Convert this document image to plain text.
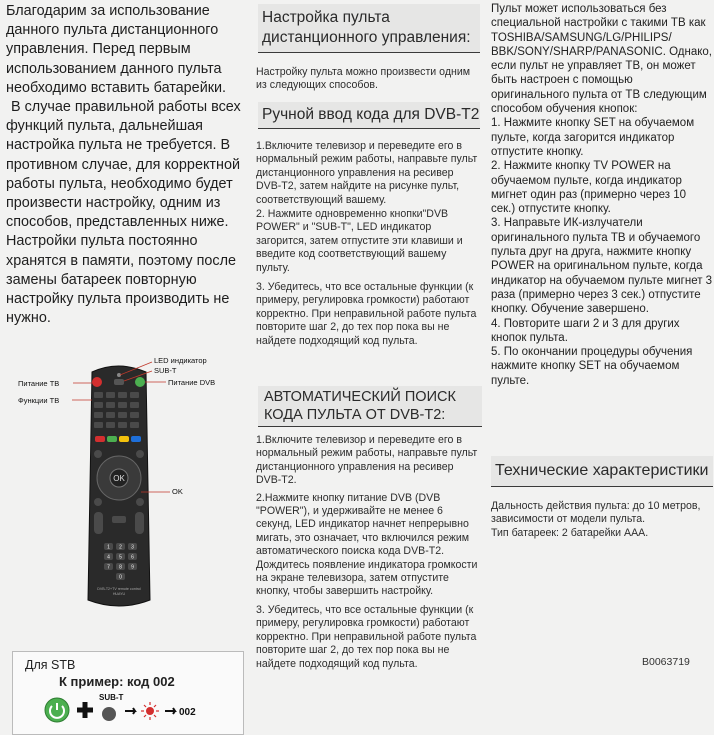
Благодарим за использование данного пульта дистанционного управления. Перед первым использованием данного пульта необходимо вставить батарейки.

В случае правильной работы всех функций пульта, дальнейшая настройка пульта не требуется. В противном случае, для корректной работы пульта, необходимо будет произвести настройку, одним из способов, представленных ниже.

Настройки пульта постоянно хранятся в памяти, поэтому после замены батареек повторную настройку пульта производить не нужно.

OK
1 2 3
4 5 6
7 8 9
0
DVB-T2+TV remote control
HUAYU
LED индикатор
SUB-T
Питание DVB
Питание ТВ
Функции ТВ
OK
Для STB
К пример: код 002
SUB-T
002
Настройка пульта
дистанционного управления:

Настройку пульта можно произвести одним из следующих способов.

Ручной ввод кода для DVB-T2

1.Включите телевизор и переведите его в нормальный режим работы, направьте пульт дистанционного управления на ресивер DVB-T2, затем найдите на рисунке пульт, соответствующий вашему.

2. Нажмите одновременно кнопки"DVB POWER" и "SUB-T", LED индикатор загорится, затем отпустите эти клавиши и введите код соответствующий вашему пульту.

3. Убедитесь, что все остальные функции (к примеру, регулировка громкости) работают корректно. При неправильной работе пульта повторите шаг 2, до тех пор пока вы не найдете подходящий код пульта.

АВТОМАТИЧЕСКИЙ ПОИСК
КОДА ПУЛЬТА ОТ DVB-T2:

1.Включите телевизор и переведите его в нормальный режим работы, направьте пульт дистанционного управления на ресивер DVB-T2.

2.Нажмите кнопку питание DVB (DVB "POWER"), и удерживайте не менее 6 секунд, LED индикатор начнет непрерывно мигать, это означает, что включился режим автоматического поиска кода DVB-T2. Дождитесь появление индикатора громкости на экране телевизора, затем отпустите кнопку, чтобы завершить настройку.

3. Убедитесь, что все остальные функции (к примеру, регулировка громкости) работают корректно. При неправильной работе пульта повторите шаг 2, до тех пор пока вы не найдете подходящий код пульта.

Пульт может использоваться без специальной настройки с такими ТВ как TOSHIBA/SAMSUNG/LG/PHILIPS/ BBK/SONY/SHARP/PANASONIC. Однако, если пульт не управляет ТВ, он может быть настроен с помощью оригинального пульта от ТВ следующим способом обучения кнопок:

1. Нажмите кнопку SET на обучаемом пульте, когда загорится индикатор отпустите кнопку.

2. Нажмите кнопку TV POWER на обучаемом пульте, когда индикатор мигнет один раз (примерно через 10 сек.) отпустите кнопку.

3. Направьте ИК-излучатели оригинального пульта ТВ и обучаемого пульта друг на друга, нажмите кнопку POWER на оригинальном пульте, когда индикатор на обучаемом пульте мигнет 3 раза (примерно через 3 сек.) отпустите кнопку. Обучение завершено.

4. Повторите шаги 2 и 3 для других кнопок пульта.

5. По окончании процедуры обучения нажмите кнопку SET на обучаемом пульте.

Технические характеристики

Дальность действия пульта: до 10 метров, зависимости от модели пульта.

Тип батареек: 2 батарейки ААА.

B0063719
